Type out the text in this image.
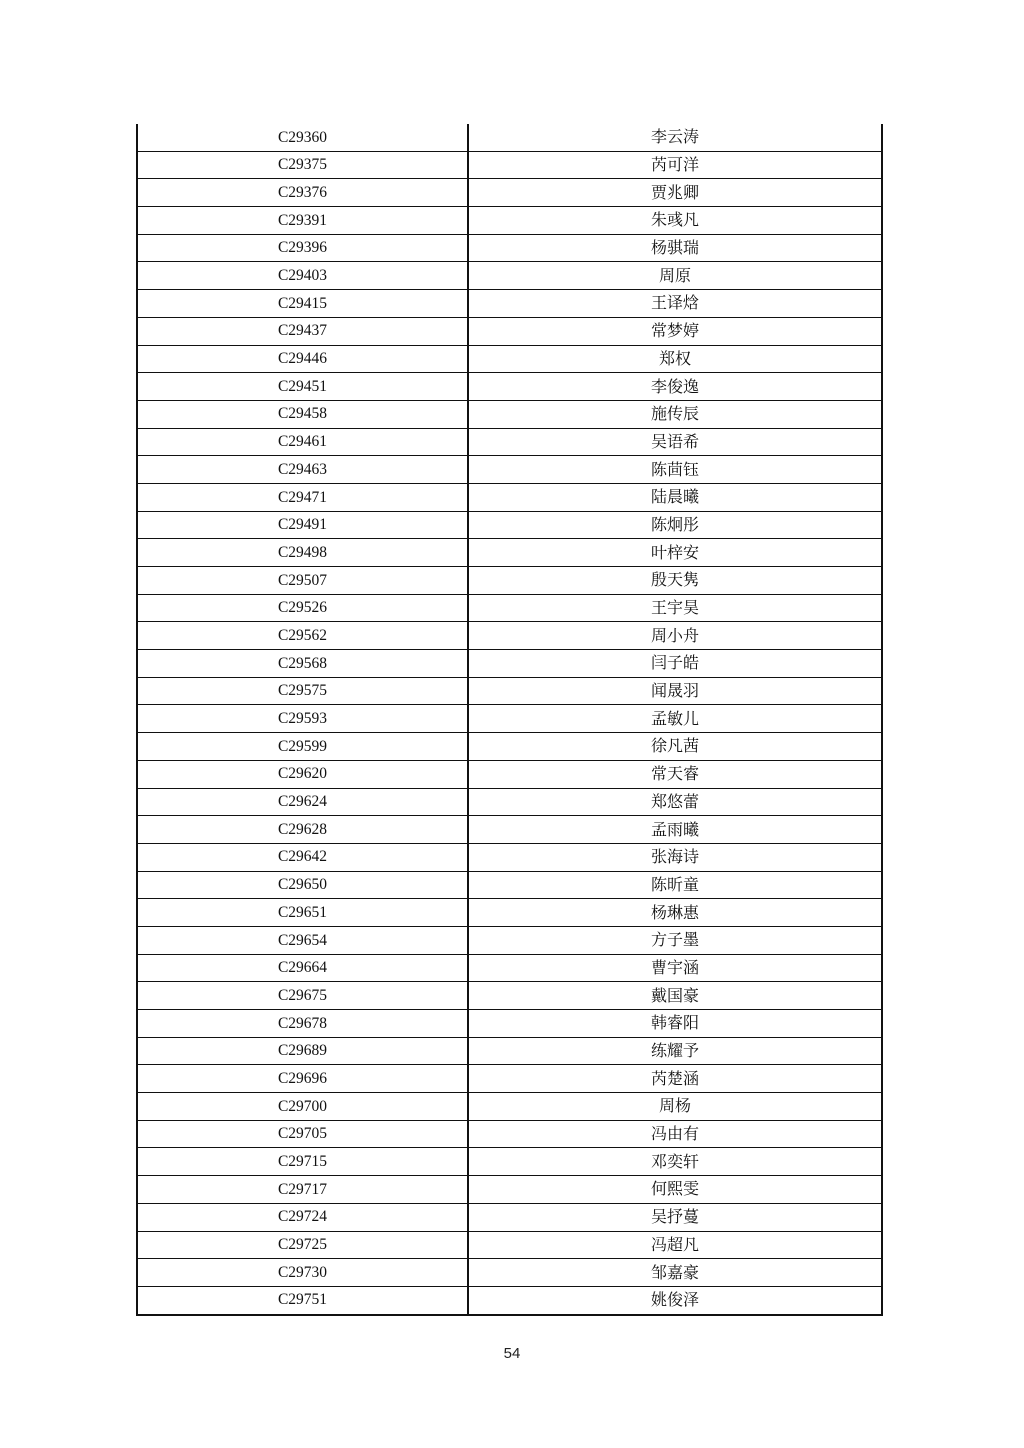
C29360	李云涛
C29375	芮可洋
C29376	贾兆卿
C29391	朱彧凡
C29396	杨骐瑞
C29403	周原
C29415	王译焓
C29437	常梦婷
C29446	郑权
C29451	李俊逸
C29458	施传辰
C29461	吴语希
C29463	陈茴钰
C29471	陆晨曦
C29491	陈炯彤
C29498	叶梓安
C29507	殷天隽
C29526	王宇昊
C29562	周小舟
C29568	闫子皓
C29575	闻晟羽
C29593	孟敏儿
C29599	徐凡茜
C29620	常天睿
C29624	郑悠蕾
C29628	孟雨曦
C29642	张海诗
C29650	陈昕童
C29651	杨琳惠
C29654	方子墨
C29664	曹宇涵
C29675	戴国豪
C29678	韩睿阳
C29689	练耀予
C29696	芮楚涵
C29700	周杨
C29705	冯由有
C29715	邓奕轩
C29717	何熙雯
C29724	吴抒蔓
C29725	冯超凡
C29730	邹嘉豪
C29751	姚俊泽
54
